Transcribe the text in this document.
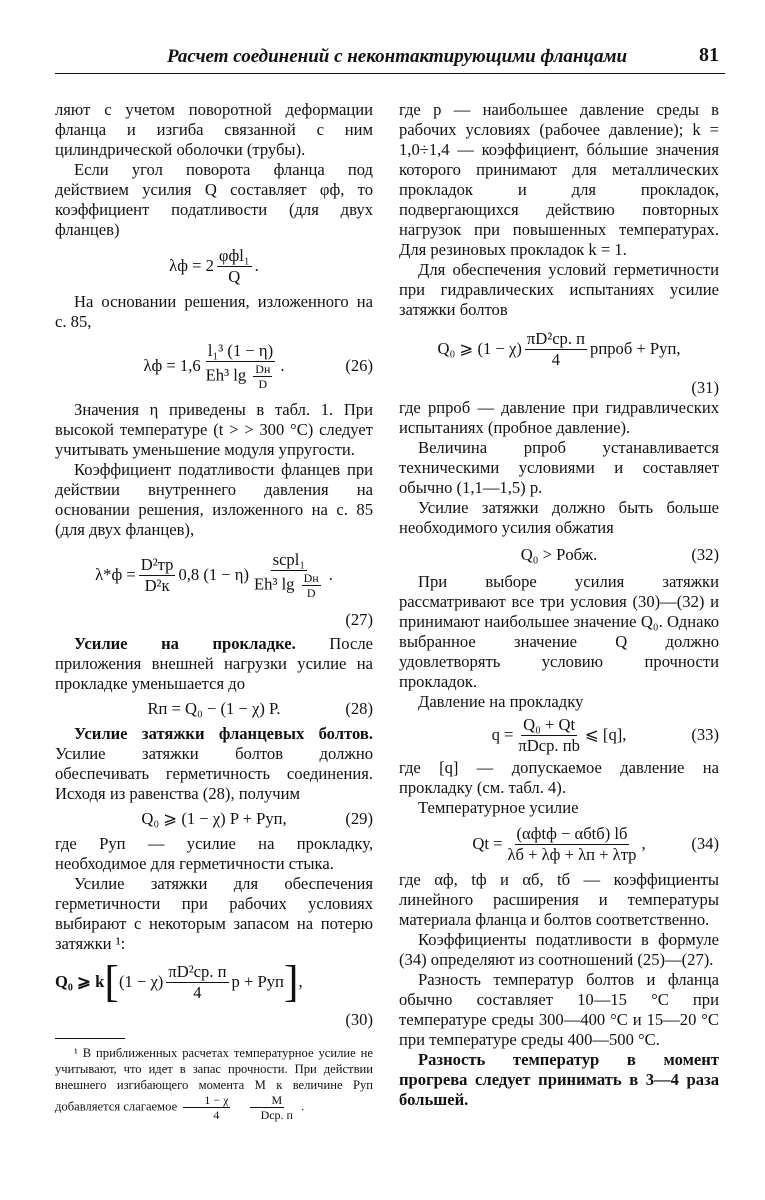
Расчет соединений с неконтактирующими фланцами	81

ляют с учетом поворотной деформации фланца и изгиба связанной с ним цилиндрической оболочки (трубы).

Если угол поворота фланца под действием усилия Q составляет φф, то коэффициент податливости (для двух фланцев)

λф = 2
φфl₁
Q
.

На основании решения, изложенного на с. 85,

λф = 1,6
l₁³ (1 − η)
Eh³ lg Dн
D
.	(26)

Значения η приведены в табл. 1. При высокой температуре (t > > 300 °С) следует учитывать уменьшение модуля упругости.

Коэффициент податливости фланцев при действии внутреннего давления на основании решения, изложенного на с. 85 (для двух фланцев),

λ*ф =
D²тр
D²к
0,8 (1 − η)
sсрl₁
Eh³ lg Dн
D
.
(27)

Усилие на прокладке. После приложения внешней нагрузки усилие на прокладке уменьшается до

Rп = Q₀ − (1 − χ) P.	(28)

Усилие затяжки фланцевых болтов. Усилие затяжки болтов должно обеспечивать герметичность соединения. Исходя из равенства (28), получим

Q₀ ⩾ (1 − χ) P + Pуп,	(29)

где Pуп — усилие на прокладку, необходимое для герметичности стыка.

Усилие затяжки для обеспечения герметичности при рабочих условиях выбирают с некоторым запасом на потерю затяжки ¹:

Q₀ ⩾ k [ (1 − χ)
πD²ср. п
4
p + Pуп ] ,
(30)

¹ В приближенных расчетах температурное усилие не учитывают, что идет в запас прочности. При действии внешнего изгибающего момента M к величине Pуп добавляется слагаемое $\frac{1 - \chi}{4}$
	M
Dср. п
.

где p — наибольшее давление среды в рабочих условиях (рабочее давление); k = 1,0÷1,4 — коэффициент, бóльшие значения которого принимают для металлических прокладок и для прокладок, подвергающихся действию повторных нагрузок при повышенных температурах. Для резиновых прокладок k = 1.

Для обеспечения условий герметичности при гидравлических испытаниях усилие затяжки болтов

Q₀ ⩾ (1 − χ)
πD²ср. п
4
pпроб + Pуп,
(31)

где pпроб — давление при гидравлических испытаниях (пробное давление).

Величина pпроб устанавливается техническими условиями и составляет обычно (1,1—1,5) p.

Усилие затяжки должно быть больше необходимого усилия обжатия

Q₀ > Pобж.	(32)

При выборе усилия затяжки рассматривают все три условия (30)—(32) и принимают наибольшее значение Q₀. Однако выбранное значение Q должно удовлетворять условию прочности прокладок.

Давление на прокладку

q =
Q₀ + Qt
πDср. пb
⩽ [q],	(33)

где [q] — допускаемое давление на прокладку (см. табл. 4).

Температурное усилие

Qt =
(αфtф − αбtб) lб
λб + λф + λп + λтр
,	(34)

где αф, tф и αб, tб — коэффициенты линейного расширения и температуры материала фланца и болтов соответственно.

Коэффициенты податливости в формуле (34) определяют из соотношений (25)—(27).

Разность температур болтов и фланца обычно составляет 10—15 °С при температуре среды 300—400 °С и 15—20 °С при температуре среды 400—500 °С.

Разность температур в момент прогрева следует принимать в 3—4 раза большей.
